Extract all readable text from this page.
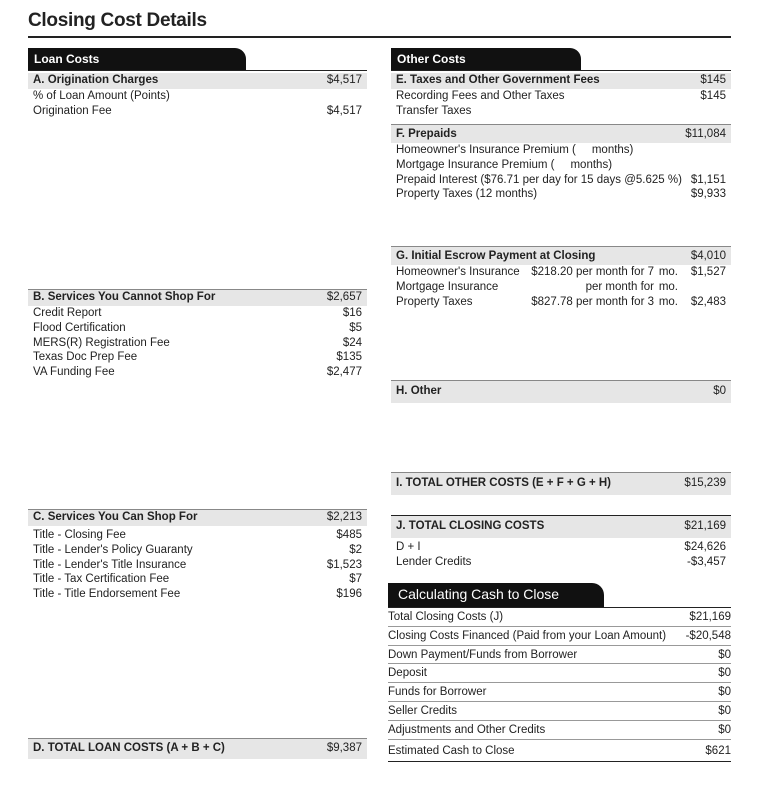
Closing Cost Details
Loan Costs
A. Origination Charges	$4,517
% of Loan Amount (Points)
Origination Fee	$4,517
B. Services You Cannot Shop For	$2,657
Credit Report	$16
Flood Certification	$5
MERS(R) Registration Fee	$24
Texas Doc Prep Fee	$135
VA Funding Fee	$2,477
C. Services You Can Shop For	$2,213
Title - Closing Fee	$485
Title - Lender's Policy Guaranty	$2
Title - Lender's Title Insurance	$1,523
Title - Tax Certification Fee	$7
Title - Title Endorsement Fee	$196
D. TOTAL LOAN COSTS (A + B + C)	$9,387
Other Costs
E. Taxes and Other Government Fees	$145
Recording Fees and Other Taxes	$145
Transfer Taxes
F. Prepaids	$11,084
Homeowner's Insurance Premium (     months)
Mortgage Insurance Premium (     months)
Prepaid Interest ($76.71 per day for 15 days @5.625 %) $1,151
Property Taxes (12 months)	$9,933
G. Initial Escrow Payment at Closing	$4,010
Homeowner's Insurance	$218.20 per month for 7 mo.	$1,527
Mortgage Insurance	per month for mo.
Property Taxes	$827.78 per month for 3 mo.	$2,483
H. Other	$0
I. TOTAL OTHER COSTS (E + F + G + H)	$15,239
J. TOTAL CLOSING COSTS	$21,169
D + I	$24,626
Lender Credits	-$3,457
Calculating Cash to Close
Total Closing Costs (J)	$21,169
Closing Costs Financed (Paid from your Loan Amount) -$20,548
Down Payment/Funds from Borrower	$0
Deposit	$0
Funds for Borrower	$0
Seller Credits	$0
Adjustments and Other Credits	$0
Estimated Cash to Close	$621
